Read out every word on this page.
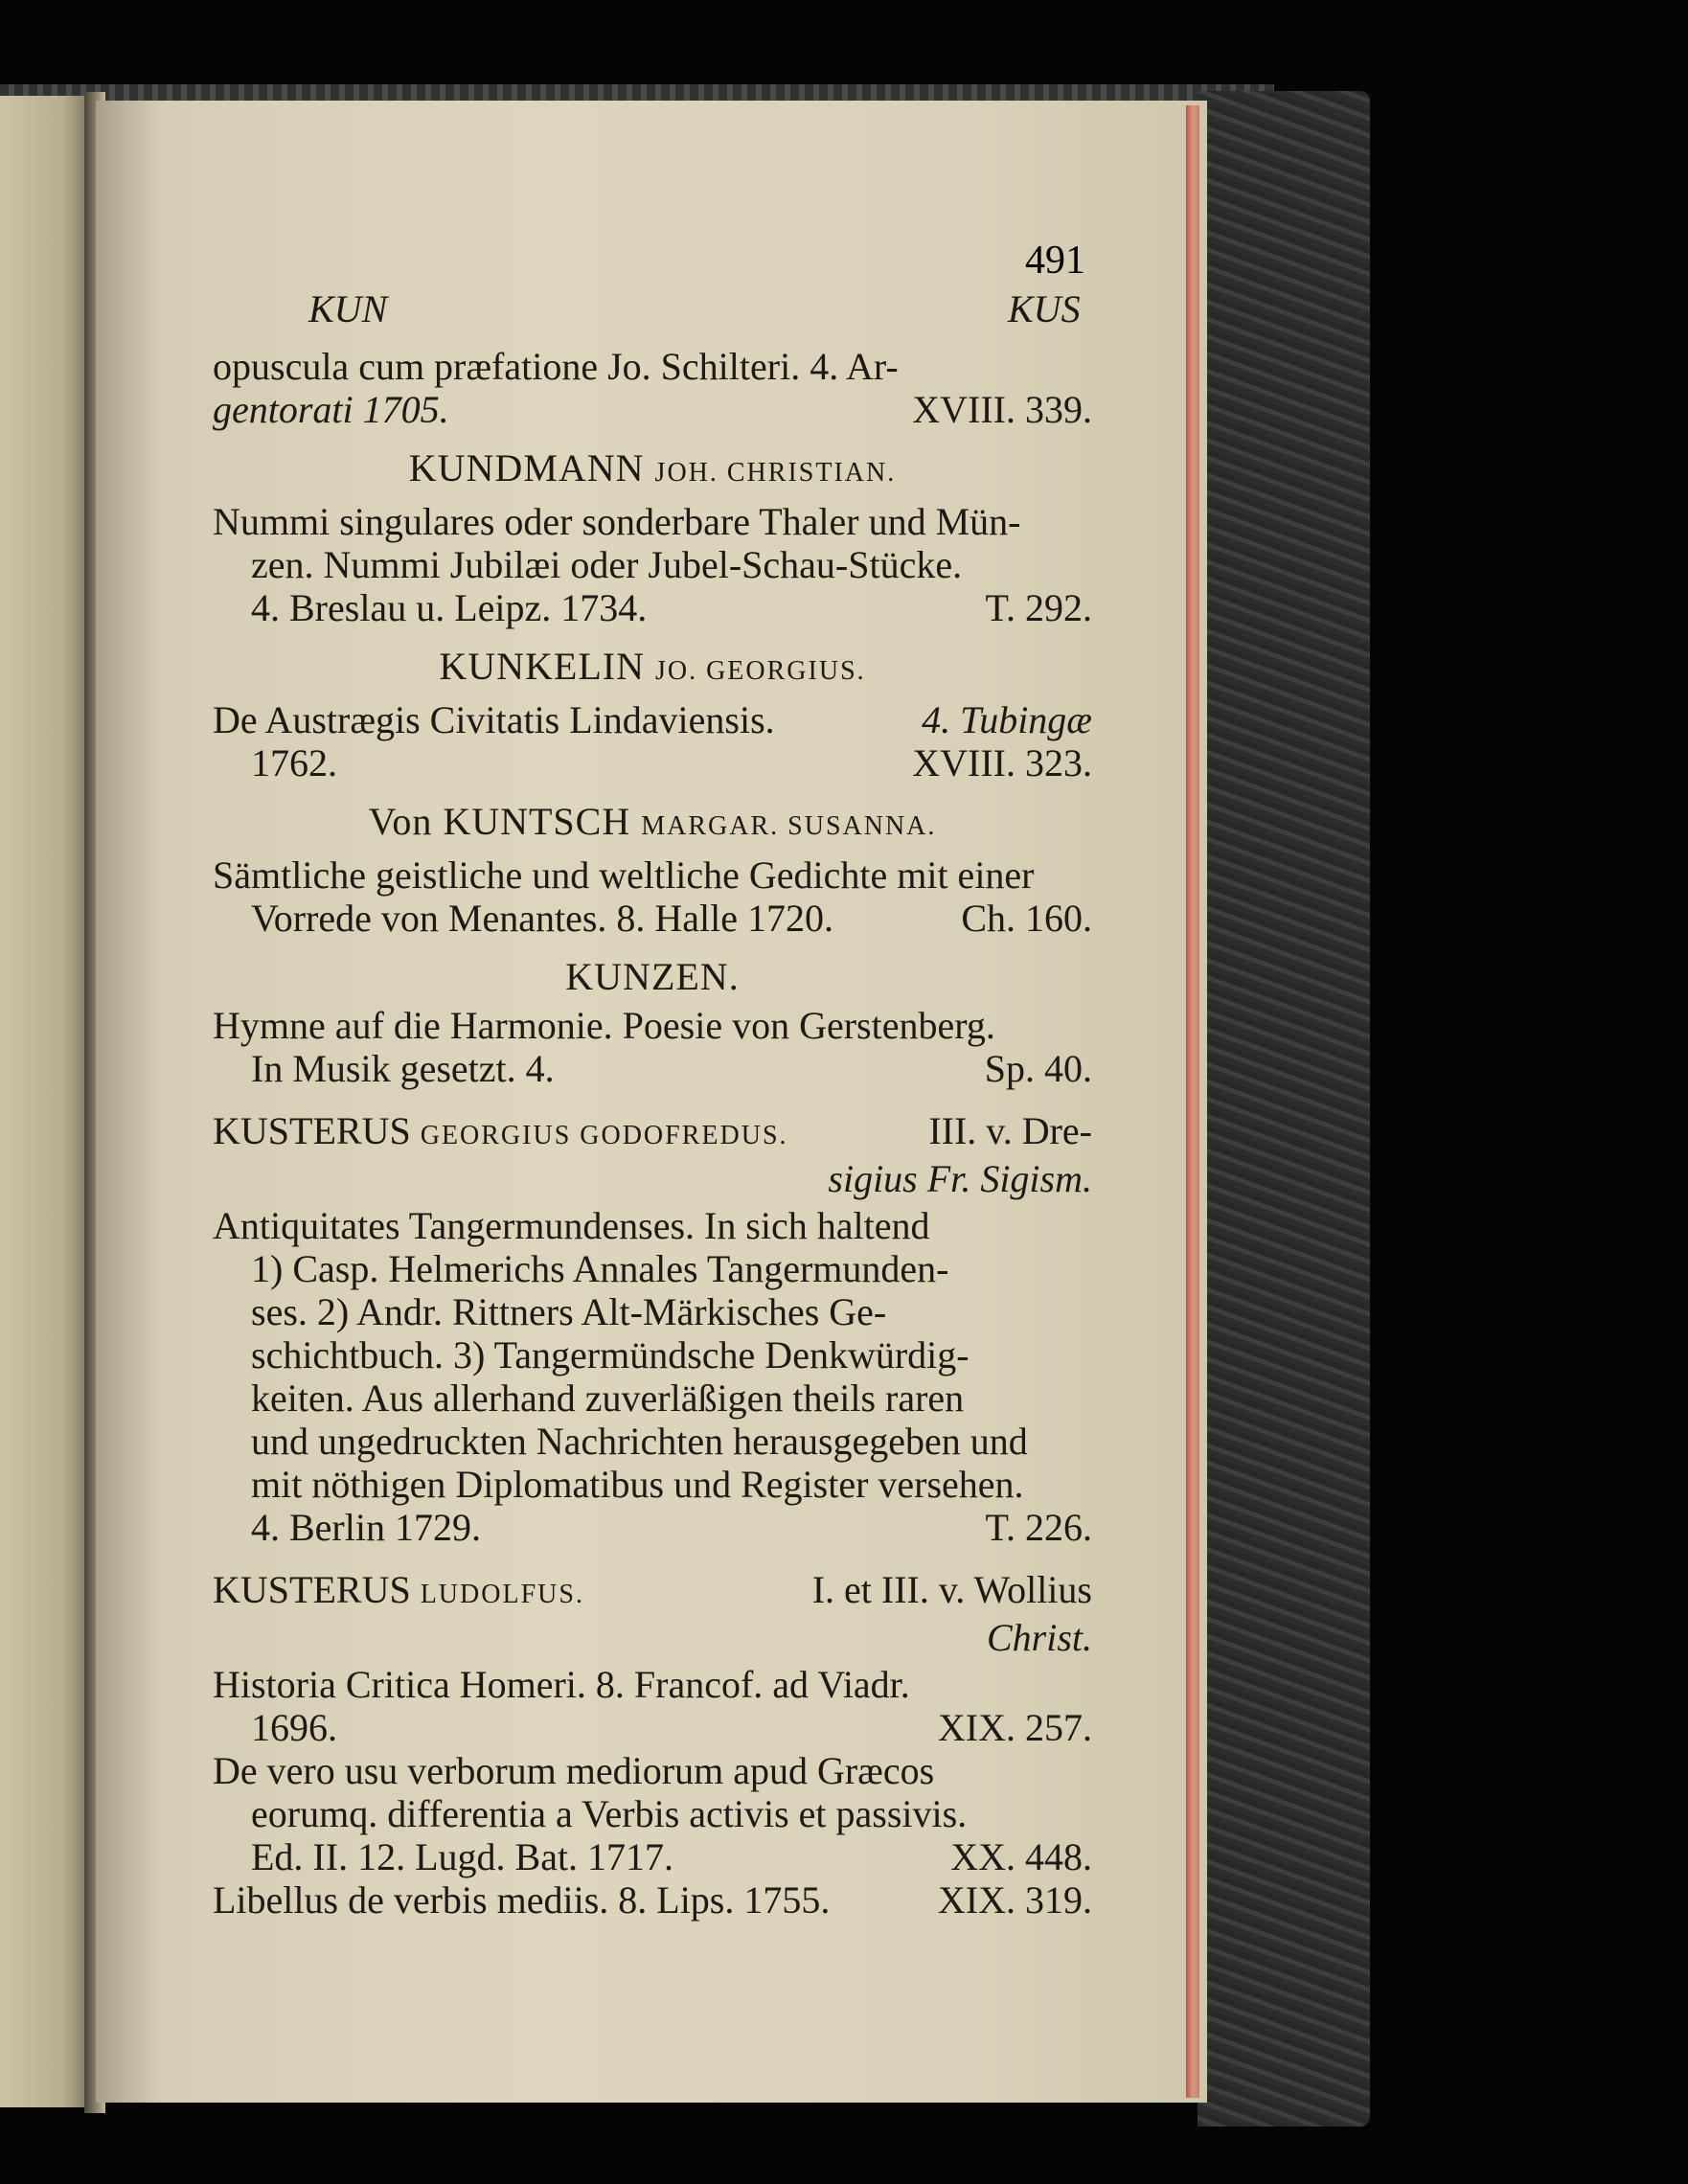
491
KUN	KUS
opuscula cum præfatione Jo. Schilteri. 4. Ar-
gentorati 1705.	XVIII. 339.
KUNDMANN JOH. CHRISTIAN.
Nummi singulares oder sonderbare Thaler und Mün-
zen. Nummi Jubilæi oder Jubel-Schau-Stücke.
4. Breslau u. Leipz. 1734.	T. 292.
KUNKELIN JO. GEORGIUS.
De Austrægis Civitatis Lindaviensis.	4. Tubingæ
1762.	XVIII. 323.
Von KUNTSCH MARGAR. SUSANNA.
Sämtliche geistliche und weltliche Gedichte mit einer
Vorrede von Menantes. 8. Halle 1720.	Ch. 160.
KUNZEN.
Hymne auf die Harmonie. Poesie von Gerstenberg.
In Musik gesetzt. 4.	Sp. 40.
KUSTERUS GEORGIUS GODOFREDUS.	III. v. Dre-
sigius Fr. Sigism.
Antiquitates Tangermundenses. In sich haltend
1) Casp. Helmerichs Annales Tangermunden-
ses. 2) Andr. Rittners Alt-Märkisches Ge-
schichtbuch. 3) Tangermündsche Denkwürdig-
keiten. Aus allerhand zuverläßigen theils raren
und ungedruckten Nachrichten herausgegeben und
mit nöthigen Diplomatibus und Register versehen.
4. Berlin 1729.	T. 226.
KUSTERUS LUDOLFUS.	I. et III. v. Wollius
Christ.
Historia Critica Homeri. 8. Francof. ad Viadr.
1696.	XIX. 257.
De vero usu verborum mediorum apud Græcos
eorumq. differentia a Verbis activis et passivis.
Ed. II. 12. Lugd. Bat. 1717.	XX. 448.
Libellus de verbis mediis. 8. Lips. 1755.	XIX. 319.
